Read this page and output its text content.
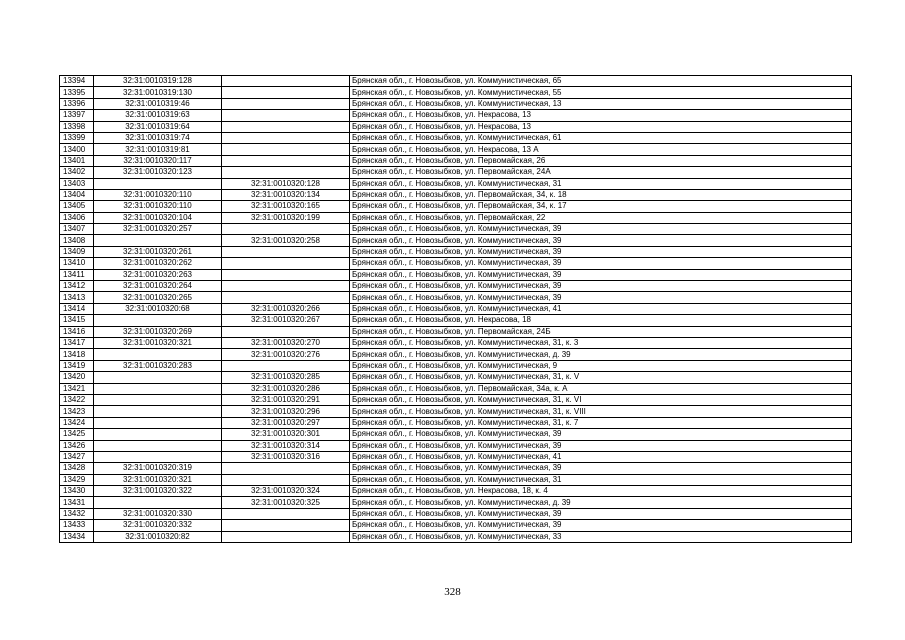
13394	32:31:0010319:128		Брянская обл., г. Новозыбков, ул. Коммунистическая, 65
13395	32:31:0010319:130		Брянская обл., г. Новозыбков, ул. Коммунистическая, 55
13396	32:31:0010319:46		Брянская обл., г. Новозыбков, ул. Коммунистическая, 13
13397	32:31:0010319:63		Брянская обл., г. Новозыбков, ул. Некрасова, 13
13398	32:31:0010319:64		Брянская обл., г. Новозыбков, ул. Некрасова, 13
13399	32:31:0010319:74		Брянская обл., г. Новозыбков, ул. Коммунистическая, 61
13400	32:31:0010319:81		Брянская обл., г. Новозыбков, ул. Некрасова, 13 А
13401	32:31:0010320:117		Брянская обл., г. Новозыбков, ул. Первомайская, 26
13402	32:31:0010320:123		Брянская обл., г. Новозыбков, ул. Первомайская, 24А
13403		32:31:0010320:128	Брянская обл., г. Новозыбков, ул. Коммунистическая, 31
13404	32:31:0010320:110	32:31:0010320:134	Брянская обл., г. Новозыбков, ул. Первомайская, 34, к. 18
13405	32:31:0010320:110	32:31:0010320:165	Брянская обл., г. Новозыбков, ул. Первомайская, 34, к. 17
13406	32:31:0010320:104	32:31:0010320:199	Брянская обл., г. Новозыбков, ул. Первомайская, 22
13407	32:31:0010320:257		Брянская обл., г. Новозыбков, ул. Коммунистическая, 39
13408		32:31:0010320:258	Брянская обл., г. Новозыбков, ул. Коммунистическая, 39
13409	32:31:0010320:261		Брянская обл., г. Новозыбков, ул. Коммунистическая, 39
13410	32:31:0010320:262		Брянская обл., г. Новозыбков, ул. Коммунистическая, 39
13411	32:31:0010320:263		Брянская обл., г. Новозыбков, ул. Коммунистическая, 39
13412	32:31:0010320:264		Брянская обл., г. Новозыбков, ул. Коммунистическая, 39
13413	32:31:0010320:265		Брянская обл., г. Новозыбков, ул. Коммунистическая, 39
13414	32:31:0010320:68	32:31:0010320:266	Брянская обл., г. Новозыбков, ул. Коммунистическая, 41
13415		32:31:0010320:267	Брянская обл., г. Новозыбков, ул. Некрасова, 18
13416	32:31:0010320:269		Брянская обл., г. Новозыбков, ул. Первомайская, 24Б
13417	32:31:0010320:321	32:31:0010320:270	Брянская обл., г. Новозыбков, ул. Коммунистическая, 31, к. 3
13418		32:31:0010320:276	Брянская обл., г. Новозыбков, ул. Коммунистическая, д. 39
13419	32:31:0010320:283		Брянская обл., г. Новозыбков, ул. Коммунистическая, 9
13420		32:31:0010320:285	Брянская обл., г. Новозыбков, ул. Коммунистическая, 31, к. V
13421		32:31:0010320:286	Брянская обл., г. Новозыбков, ул. Первомайская, 34а, к. А
13422		32:31:0010320:291	Брянская обл., г. Новозыбков, ул. Коммунистическая, 31, к. VI
13423		32:31:0010320:296	Брянская обл., г. Новозыбков, ул. Коммунистическая, 31, к. VIII
13424		32:31:0010320:297	Брянская обл., г. Новозыбков, ул. Коммунистическая, 31, к. 7
13425		32:31:0010320:301	Брянская обл., г. Новозыбков, ул. Коммунистическая, 39
13426		32:31:0010320:314	Брянская обл., г. Новозыбков, ул. Коммунистическая, 39
13427		32:31:0010320:316	Брянская обл., г. Новозыбков, ул. Коммунистическая, 41
13428	32:31:0010320:319		Брянская обл., г. Новозыбков, ул. Коммунистическая, 39
13429	32:31:0010320:321		Брянская обл., г. Новозыбков, ул. Коммунистическая, 31
13430	32:31:0010320:322	32:31:0010320:324	Брянская обл., г. Новозыбков, ул. Некрасова, 18, к. 4
13431		32:31:0010320:325	Брянская обл., г. Новозыбков, ул. Коммунистическая, д. 39
13432	32:31:0010320:330		Брянская обл., г. Новозыбков, ул. Коммунистическая, 39
13433	32:31:0010320:332		Брянская обл., г. Новозыбков, ул. Коммунистическая, 39
13434	32:31:0010320:82		Брянская обл., г. Новозыбков, ул. Коммунистическая, 33
328
